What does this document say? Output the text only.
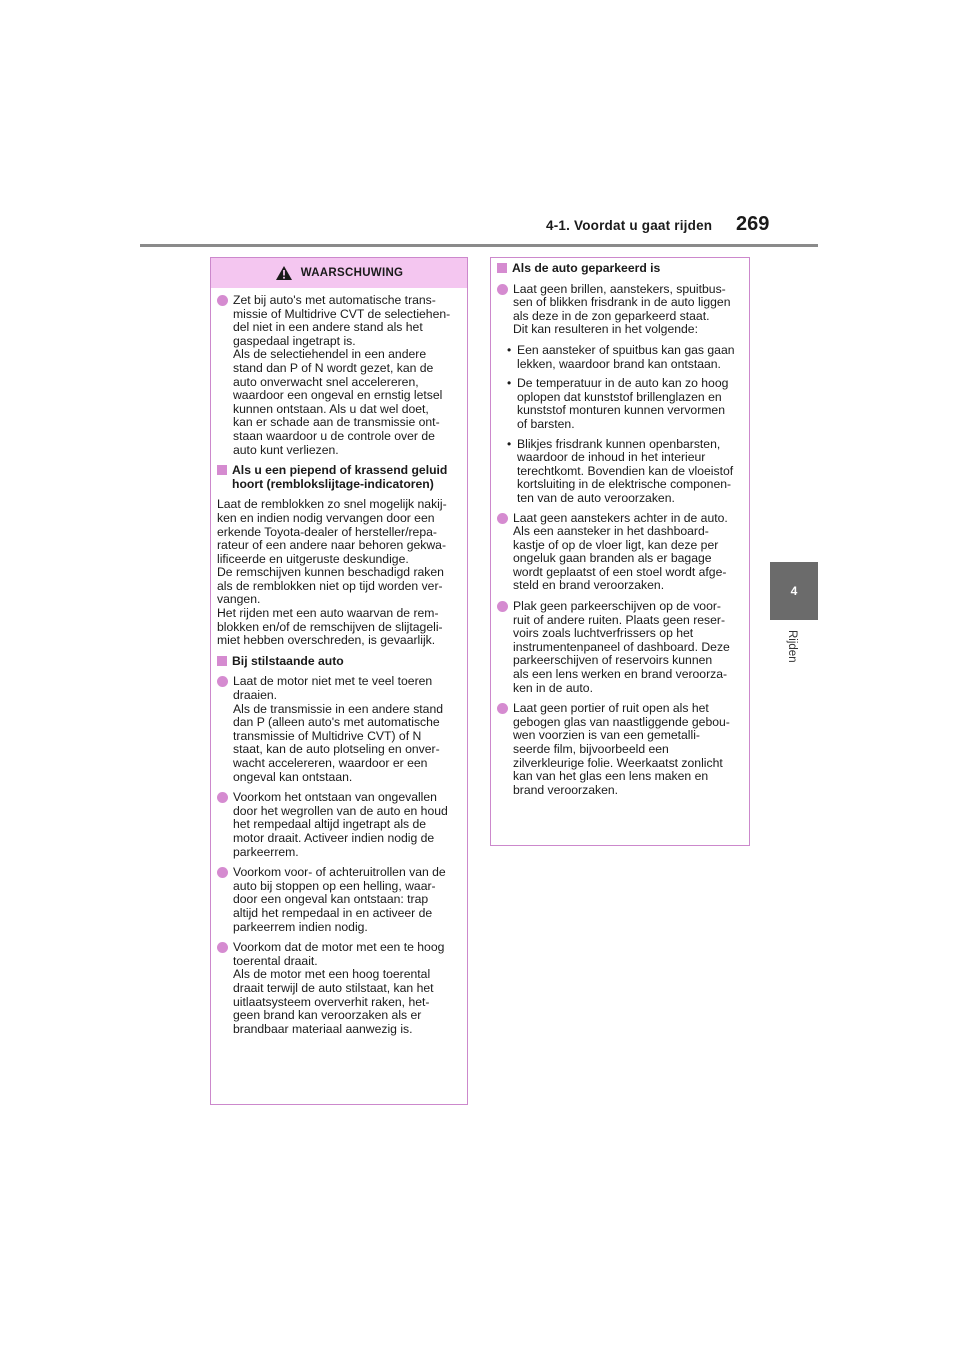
4-1. Voordat u gaat rijden 269
4
Rijden
WAARSCHUWING
Zet bij auto's met automatische trans-
missie of Multidrive CVT de selectiehen-
del niet in een andere stand als het
gaspedaal ingetrapt is.
Als de selectiehendel in een andere
stand dan P of N wordt gezet, kan de
auto onverwacht snel accelereren,
waardoor een ongeval en ernstig letsel
kunnen ontstaan. Als u dat wel doet,
kan er schade aan de transmissie ont-
staan waardoor u de controle over de
auto kunt verliezen.
Als u een piepend of krassend geluid
hoort (remblokslijtage-indicatoren)
Laat de remblokken zo snel mogelijk nakij-
ken en indien nodig vervangen door een
erkende Toyota-dealer of hersteller/repa-
rateur of een andere naar behoren gekwa-
lificeerde en uitgeruste deskundige.
De remschijven kunnen beschadigd raken
als de remblokken niet op tijd worden ver-
vangen.
Het rijden met een auto waarvan de rem-
blokken en/of de remschijven de slijtageli-
miet hebben overschreden, is gevaarlijk.
Bij stilstaande auto
Laat de motor niet met te veel toeren
draaien.
Als de transmissie in een andere stand
dan P (alleen auto's met automatische
transmissie of Multidrive CVT) of N
staat, kan de auto plotseling en onver-
wacht accelereren, waardoor er een
ongeval kan ontstaan.
Voorkom het ontstaan van ongevallen
door het wegrollen van de auto en houd
het rempedaal altijd ingetrapt als de
motor draait. Activeer indien nodig de
parkeerrem.
Voorkom voor- of achteruitrollen van de
auto bij stoppen op een helling, waar-
door een ongeval kan ontstaan: trap
altijd het rempedaal in en activeer de
parkeerrem indien nodig.
Voorkom dat de motor met een te hoog
toerental draait.
Als de motor met een hoog toerental
draait terwijl de auto stilstaat, kan het
uitlaatsysteem oververhit raken, het-
geen brand kan veroorzaken als er
brandbaar materiaal aanwezig is.
Als de auto geparkeerd is
Laat geen brillen, aanstekers, spuitbus-
sen of blikken frisdrank in de auto liggen
als deze in de zon geparkeerd staat.
Dit kan resulteren in het volgende:
• Een aansteker of spuitbus kan gas gaan
lekken, waardoor brand kan ontstaan.
• De temperatuur in de auto kan zo hoog
oplopen dat kunststof brillenglazen en
kunststof monturen kunnen vervormen
of barsten.
• Blikjes frisdrank kunnen openbarsten,
waardoor de inhoud in het interieur
terechtkomt. Bovendien kan de vloeistof
kortsluiting in de elektrische componen-
ten van de auto veroorzaken.
Laat geen aanstekers achter in de auto.
Als een aansteker in het dashboard-
kastje of op de vloer ligt, kan deze per
ongeluk gaan branden als er bagage
wordt geplaatst of een stoel wordt afge-
steld en brand veroorzaken.
Plak geen parkeerschijven op de voor-
ruit of andere ruiten. Plaats geen reser-
voirs zoals luchtverfrissers op het
instrumentenpaneel of dashboard. Deze
parkeerschijven of reservoirs kunnen
als een lens werken en brand veroorza-
ken in de auto.
Laat geen portier of ruit open als het
gebogen glas van naastliggende gebou-
wen voorzien is van een gemetalli-
seerde film, bijvoorbeeld een
zilverkleurige folie. Weerkaatst zonlicht
kan van het glas een lens maken en
brand veroorzaken.
